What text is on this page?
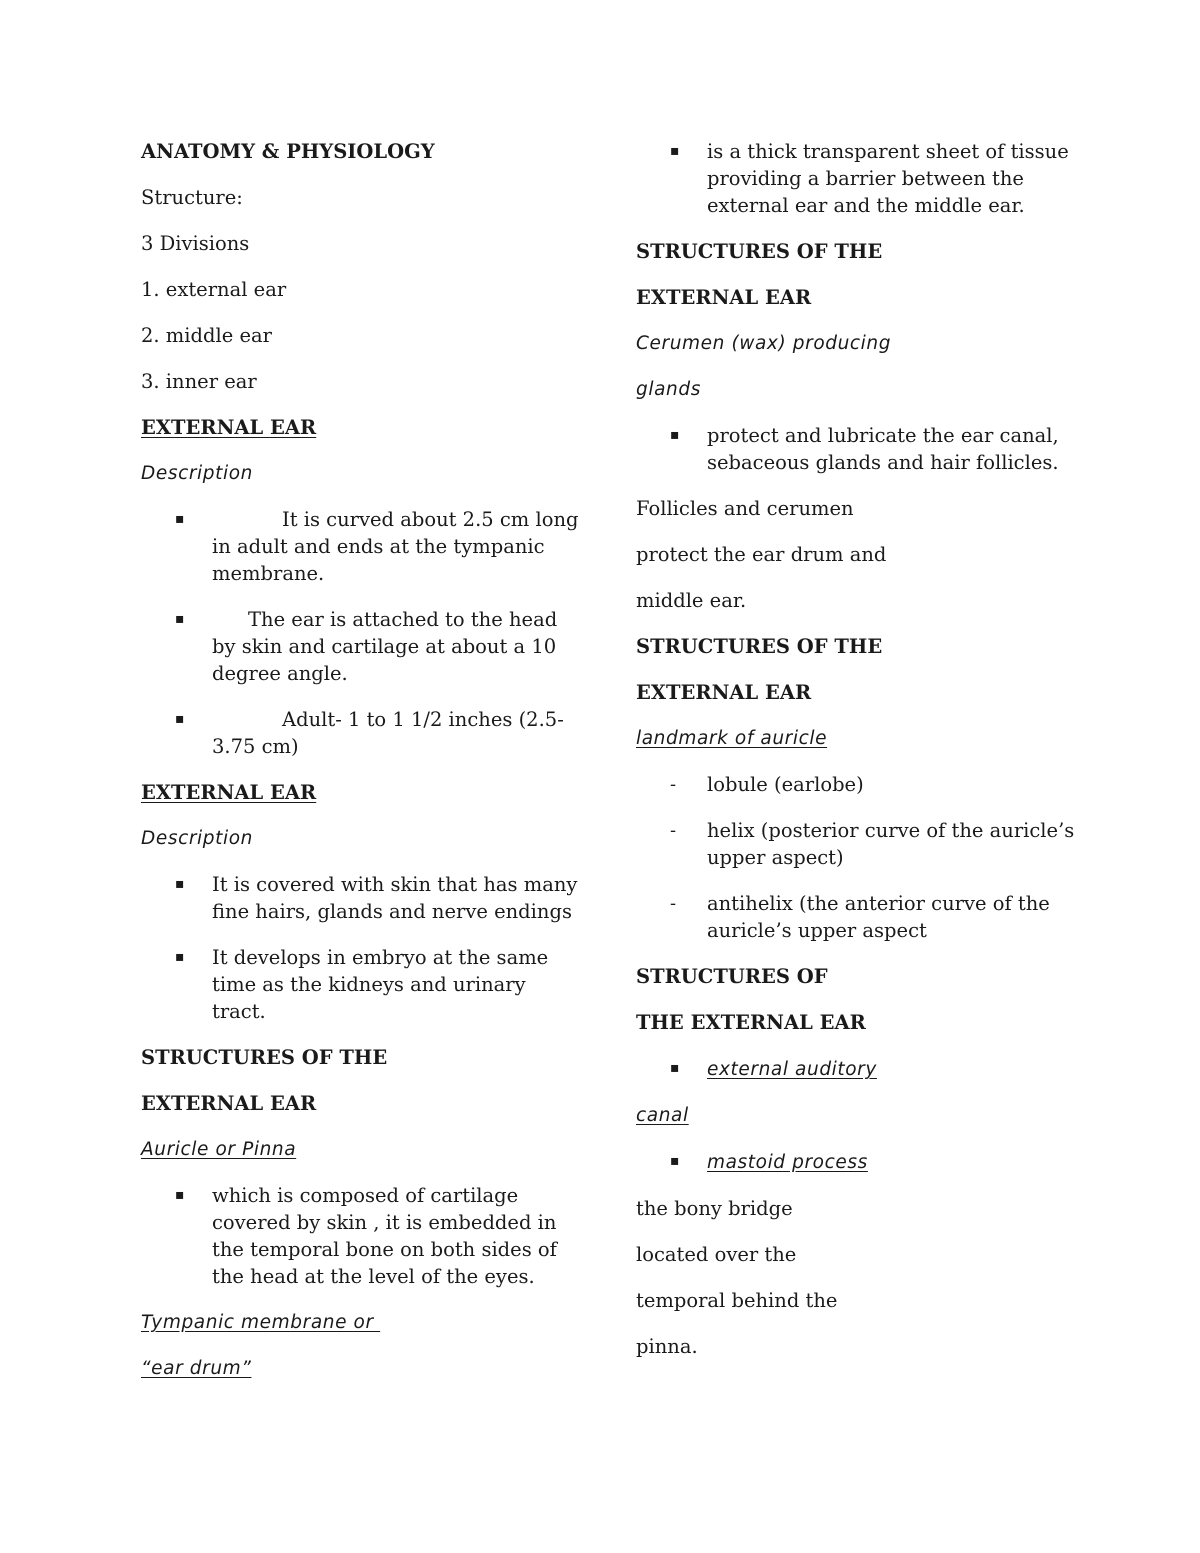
ANATOMY & PHYSIOLOGY

Structure:

3 Divisions

1. external ear

2. middle ear

3. inner ear

EXTERNAL EAR

Description

▪	It is curved about 2.5 cm long in adult and ends at the tympanic membrane.
▪	The ear is attached to the head by skin and cartilage at about a 10 degree angle.
▪	Adult- 1 to 1 1/2 inches (2.5-3.75 cm)

EXTERNAL EAR

Description

▪ It is covered with skin that has many fine hairs, glands and nerve endings
▪ It develops in embryo at the same time as the kidneys and urinary tract.

STRUCTURES OF THE

EXTERNAL EAR

Auricle or Pinna

▪ which is composed of cartilage covered by skin , it is embedded in the temporal bone on both sides of the head at the level of the eyes.

Tympanic membrane or

“ear drum”

▪ is a thick transparent sheet of tissue providing a barrier between the external ear and the middle ear.

STRUCTURES OF THE

EXTERNAL EAR

Cerumen (wax) producing

glands

▪ protect and lubricate the ear canal, sebaceous glands and hair follicles.

Follicles and cerumen

protect the ear drum and

middle ear.

STRUCTURES OF THE

EXTERNAL EAR

landmark of auricle

- lobule (earlobe)
- helix (posterior curve of the auricle’s upper aspect)
- antihelix (the anterior curve of the auricle’s upper aspect

STRUCTURES OF

THE EXTERNAL EAR

▪ external auditory

canal

▪ mastoid process

the bony bridge

located over the

temporal behind the

pinna.
